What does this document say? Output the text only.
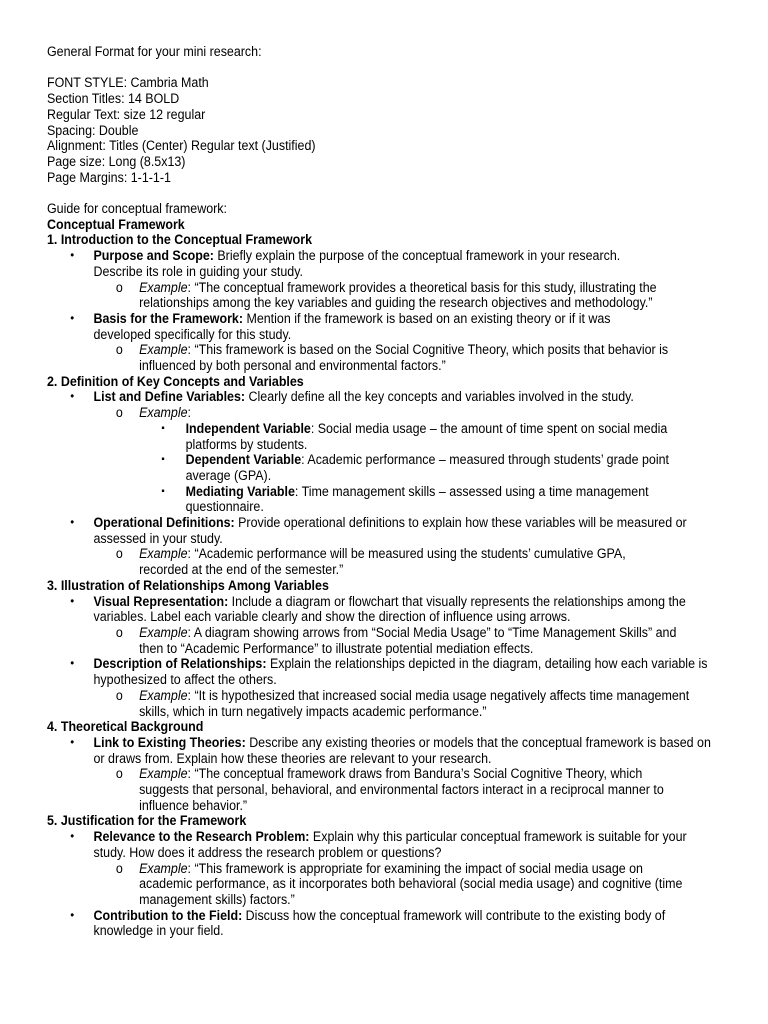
General Format for your mini research:
FONT STYLE: Cambria Math
Section Titles: 14 BOLD
Regular Text: size 12 regular
Spacing: Double
Alignment: Titles (Center) Regular text (Justified)
Page size: Long (8.5x13)
Page Margins: 1-1-1-1
Guide for conceptual framework:
Conceptual Framework
1. Introduction to the Conceptual Framework
• Purpose and Scope: Briefly explain the purpose of the conceptual framework in your research. Describe its role in guiding your study.
o Example: “The conceptual framework provides a theoretical basis for this study, illustrating the relationships among the key variables and guiding the research objectives and methodology.”
• Basis for the Framework: Mention if the framework is based on an existing theory or if it was developed specifically for this study.
o Example: “This framework is based on the Social Cognitive Theory, which posits that behavior is influenced by both personal and environmental factors.”
2. Definition of Key Concepts and Variables
• List and Define Variables: Clearly define all the key concepts and variables involved in the study.
o Example:
▪ Independent Variable: Social media usage – the amount of time spent on social media platforms by students.
▪ Dependent Variable: Academic performance – measured through students’ grade point average (GPA).
▪ Mediating Variable: Time management skills – assessed using a time management questionnaire.
• Operational Definitions: Provide operational definitions to explain how these variables will be measured or assessed in your study.
o Example: “Academic performance will be measured using the students’ cumulative GPA, recorded at the end of the semester.”
3. Illustration of Relationships Among Variables
• Visual Representation: Include a diagram or flowchart that visually represents the relationships among the variables. Label each variable clearly and show the direction of influence using arrows.
o Example: A diagram showing arrows from “Social Media Usage” to “Time Management Skills” and then to “Academic Performance” to illustrate potential mediation effects.
• Description of Relationships: Explain the relationships depicted in the diagram, detailing how each variable is hypothesized to affect the others.
o Example: “It is hypothesized that increased social media usage negatively affects time management skills, which in turn negatively impacts academic performance.”
4. Theoretical Background
• Link to Existing Theories: Describe any existing theories or models that the conceptual framework is based on or draws from. Explain how these theories are relevant to your research.
o Example: “The conceptual framework draws from Bandura’s Social Cognitive Theory, which suggests that personal, behavioral, and environmental factors interact in a reciprocal manner to influence behavior.”
5. Justification for the Framework
• Relevance to the Research Problem: Explain why this particular conceptual framework is suitable for your study. How does it address the research problem or questions?
o Example: “This framework is appropriate for examining the impact of social media usage on academic performance, as it incorporates both behavioral (social media usage) and cognitive (time management skills) factors.”
• Contribution to the Field: Discuss how the conceptual framework will contribute to the existing body of knowledge in your field.
